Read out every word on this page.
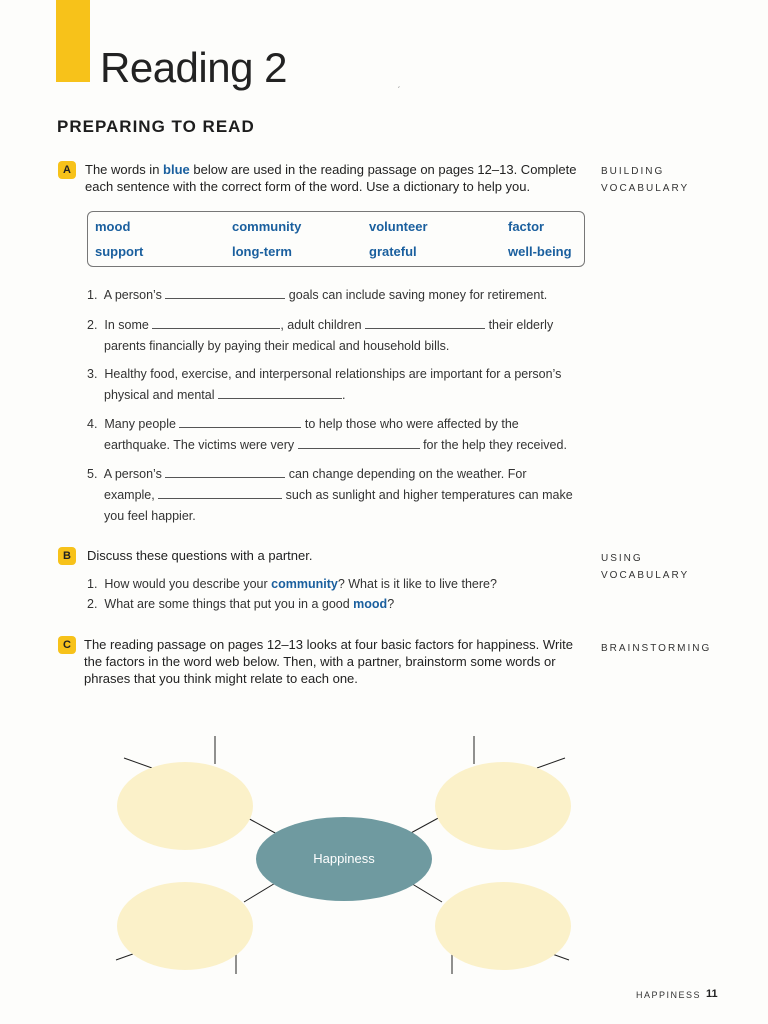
Reading 2	ˏ
PREPARING TO READ
A	The words in blue below are used in the reading passage on pages 12–13. Complete
each sentence with the correct form of the word. Use a dictionary to help you.
BUILDING
VOCABULARY
mood	community	volunteer	factor
support	long-term	grateful	well-being
1. A person’s	goals can include saving money for retirement.
2. In some	, adult children	their elderly
parents financially by paying their medical and household bills.
3. Healthy food, exercise, and interpersonal relationships are important for a person’s
physical and mental	.
4. Many people	to help those who were affected by the
earthquake. The victims were very	for the help they received.
5. A person’s	can change depending on the weather. For
example,	such as sunlight and higher temperatures can make
you feel happier.
B	Discuss these questions with a partner.	USING
VOCABULARY
1. How would you describe your community? What is it like to live there?
2. What are some things that put you in a good mood?
C	The reading passage on pages 12–13 looks at four basic factors for happiness. Write
the factors in the word web below. Then, with a partner, brainstorm some words or
phrases that you think might relate to each one.
BRAINSTORMING
Happiness
HAPPINESS 11
